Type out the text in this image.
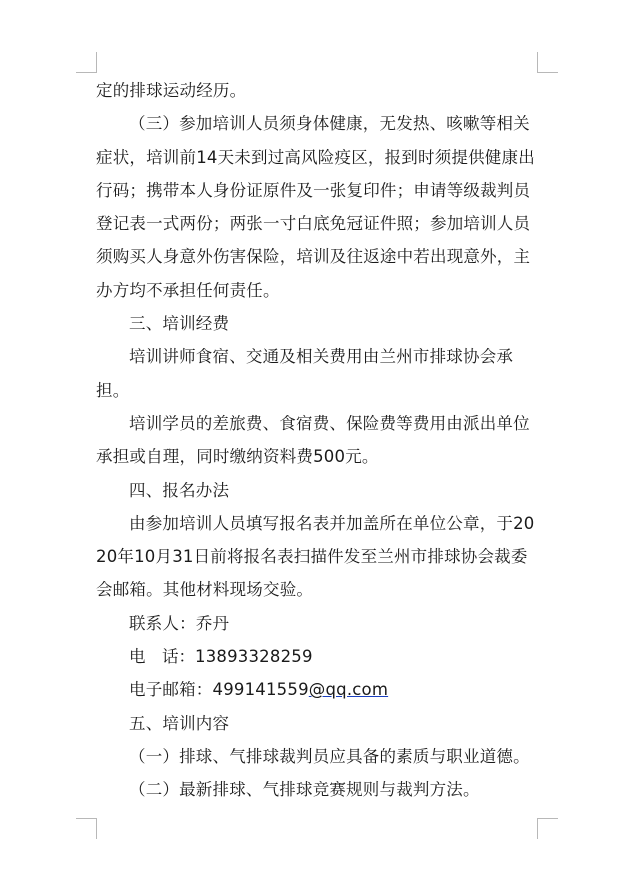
定的排球运动经历。

（三）参加培训人员须身体健康，无发热、咳嗽等相关

症状，培训前14天未到过高风险疫区，报到时须提供健康出

行码；携带本人身份证原件及一张复印件；申请等级裁判员

登记表一式两份；两张一寸白底免冠证件照；参加培训人员

须购买人身意外伤害保险，培训及往返途中若出现意外，主

办方均不承担任何责任。

三、培训经费

培训讲师食宿、交通及相关费用由兰州市排球协会承

担。

培训学员的差旅费、食宿费、保险费等费用由派出单位

承担或自理，同时缴纳资料费500元。

四、报名办法

由参加培训人员填写报名表并加盖所在单位公章，于20

20年10月31日前将报名表扫描件发至兰州市排球协会裁委

会邮箱。其他材料现场交验。

联系人：乔丹

电　话：13893328259

电子邮箱：499141559@qq.com

五、培训内容

（一）排球、气排球裁判员应具备的素质与职业道德。

（二）最新排球、气排球竞赛规则与裁判方法。
